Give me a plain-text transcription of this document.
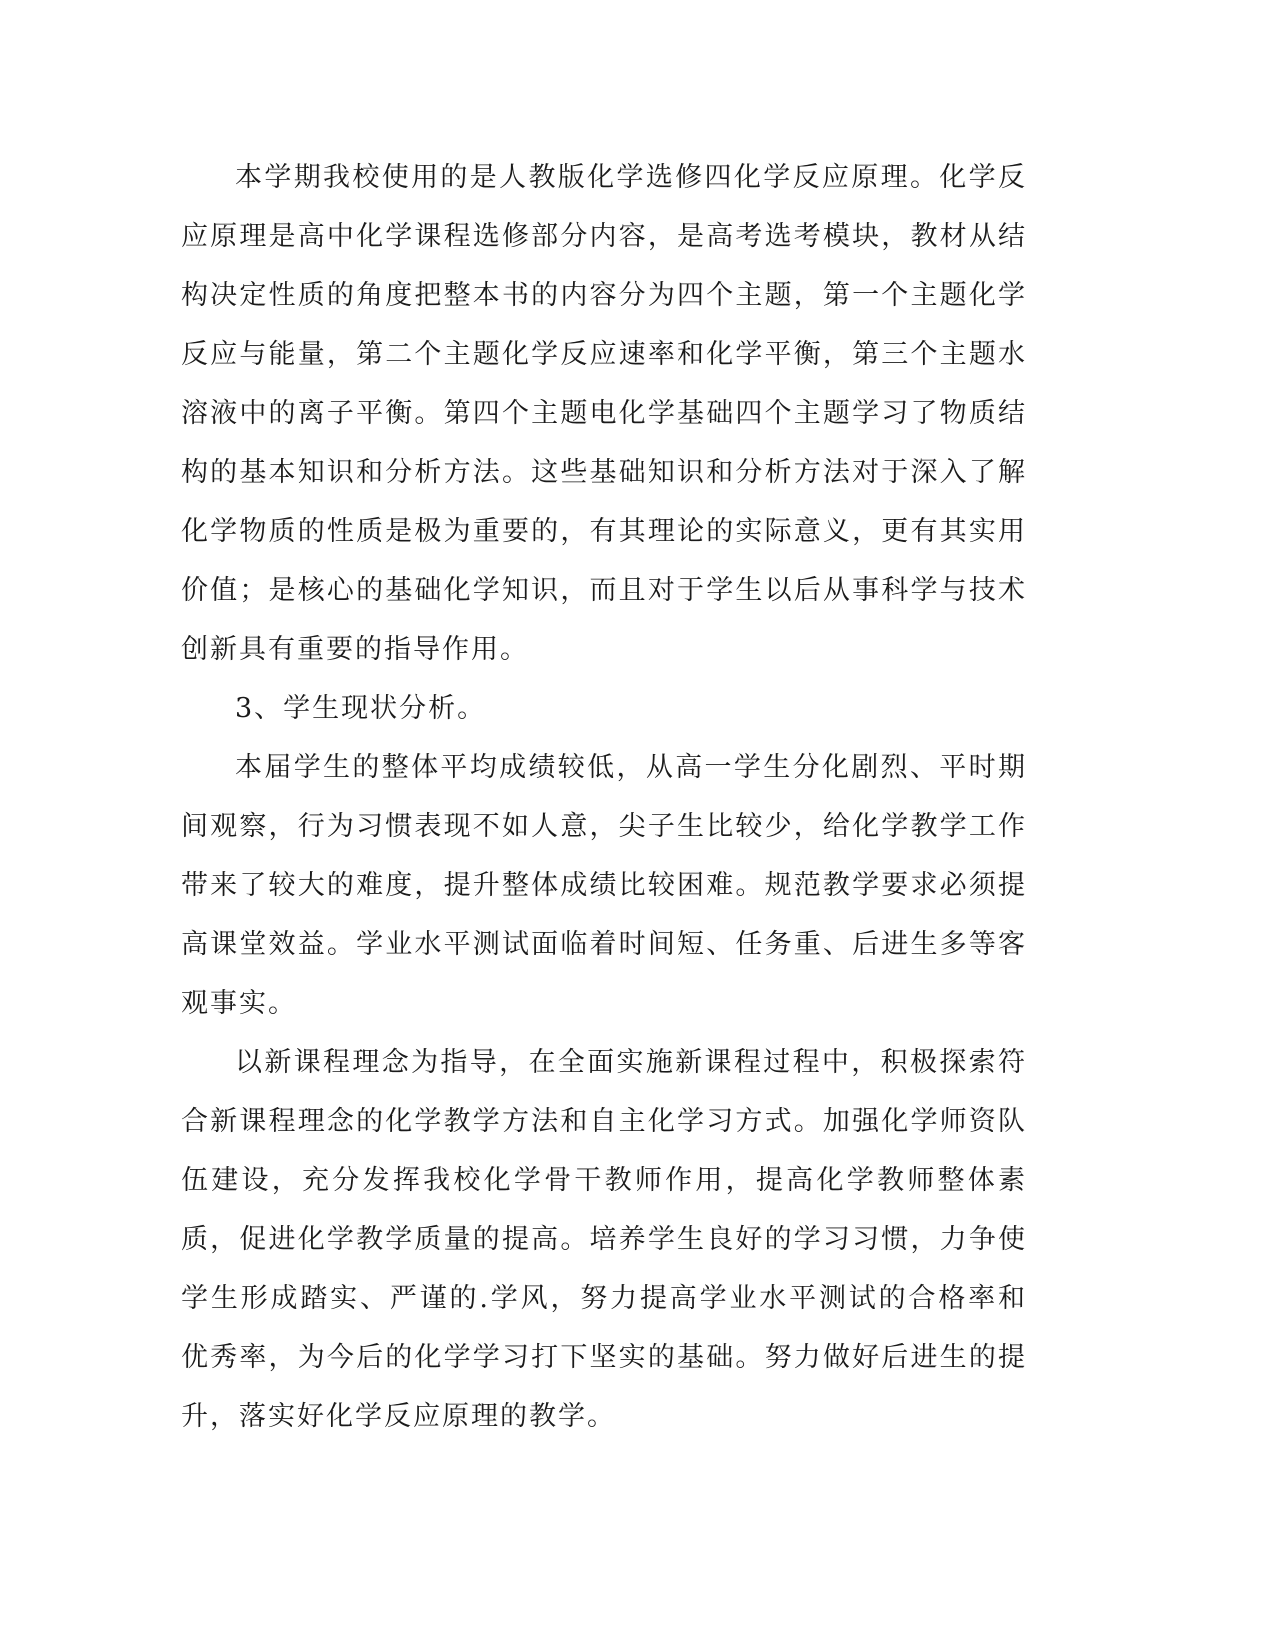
本学期我校使用的是人教版化学选修四化学反应原理。化学反应原理是高中化学课程选修部分内容，是高考选考模块，教材从结构决定性质的角度把整本书的内容分为四个主题，第一个主题化学反应与能量，第二个主题化学反应速率和化学平衡，第三个主题水溶液中的离子平衡。第四个主题电化学基础四个主题学习了物质结构的基本知识和分析方法。这些基础知识和分析方法对于深入了解化学物质的性质是极为重要的，有其理论的实际意义，更有其实用价值；是核心的基础化学知识，而且对于学生以后从事科学与技术创新具有重要的指导作用。

3、学生现状分析。

本届学生的整体平均成绩较低，从高一学生分化剧烈、平时期间观察，行为习惯表现不如人意，尖子生比较少，给化学教学工作带来了较大的难度，提升整体成绩比较困难。规范教学要求必须提高课堂效益。学业水平测试面临着时间短、任务重、后进生多等客观事实。

以新课程理念为指导，在全面实施新课程过程中，积极探索符合新课程理念的化学教学方法和自主化学习方式。加强化学师资队伍建设，充分发挥我校化学骨干教师作用，提高化学教师整体素质，促进化学教学质量的提高。培养学生良好的学习习惯，力争使学生形成踏实、严谨的.学风，努力提高学业水平测试的合格率和优秀率，为今后的化学学习打下坚实的基础。努力做好后进生的提升，落实好化学反应原理的教学。
